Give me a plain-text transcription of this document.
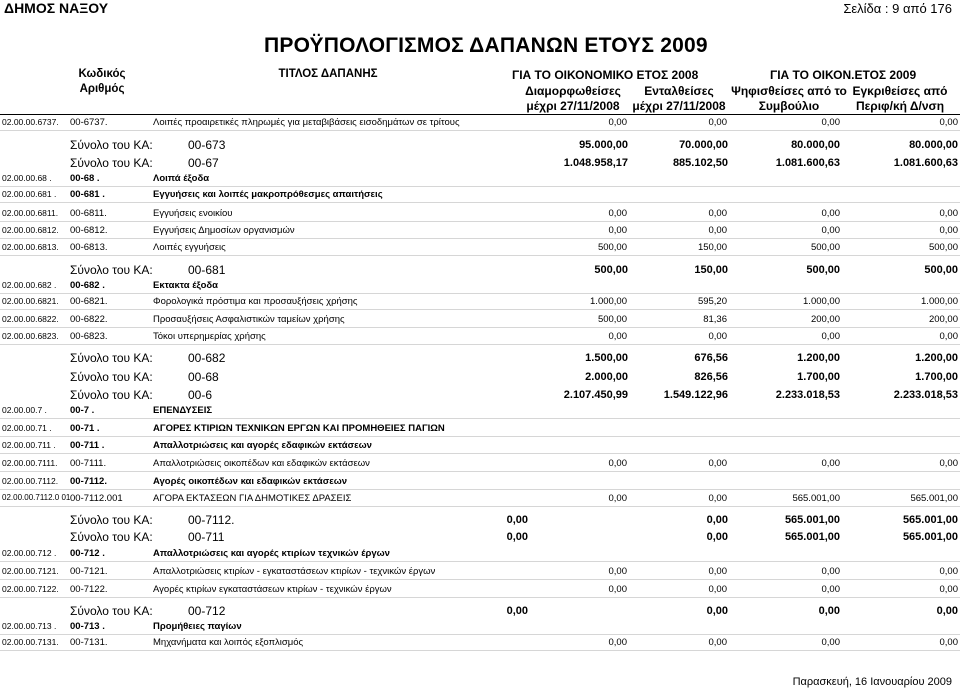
ΔΗΜΟΣ ΝΑΞΟΥ	Σελίδα : 9 από 176
ΠΡΟΫΠΟΛΟΓΙΣΜΟΣ ΔΑΠΑΝΩΝ ΕΤΟΥΣ 2009
Κωδικός
Αριθμός
ΤΙΤΛΟΣ ΔΑΠΑΝΗΣ	ΓΙΑ ΤΟ ΟΙΚΟΝΟΜΙΚΟ ΕΤΟΣ 2008	ΓΙΑ ΤΟ ΟΙΚΟΝ.ΕΤΟΣ 2009
Διαμορφωθείσες
μέχρι 27/11/2008
Ενταλθείσες
μέχρι 27/11/2008
Ψηφισθείσες από το
Συμβούλιο
Εγκριθείσες από
Περιφ/κή Δ/νση
02.00.00.6737. 00-6737.	Λοιπές προαιρετικές πληρωμές για μεταβιβάσεις εισοδημάτων σε τρίτους	0,00	0,00	0,00	0,00
Σύνολο του ΚΑ:	00-673	95.000,00	70.000,00	80.000,00	80.000,00
Σύνολο του ΚΑ:	00-67	1.048.958,17	885.102,50	1.081.600,63	1.081.600,63
02.00.00.68 . 00-68 .	Λοιπά έξοδα
02.00.00.681 . 00-681 .	Εγγυήσεις και λοιπές μακροπρόθεσμες απαιτήσεις
02.00.00.6811. 00-6811.	Εγγυήσεις ενοικίου	0,00	0,00	0,00	0,00
02.00.00.6812. 00-6812.	Εγγυήσεις Δημοσίων οργανισμών	0,00	0,00	0,00	0,00
02.00.00.6813. 00-6813.	Λοιπές εγγυήσεις	500,00	150,00	500,00	500,00
Σύνολο του ΚΑ:	00-681	500,00	150,00	500,00	500,00
02.00.00.682 . 00-682 .	Εκτακτα έξοδα
02.00.00.6821. 00-6821.	Φορολογικά πρόστιμα και προσαυξήσεις χρήσης	1.000,00	595,20	1.000,00	1.000,00
02.00.00.6822. 00-6822.	Προσαυξήσεις Ασφαλιστικών ταμείων χρήσης	500,00	81,36	200,00	200,00
02.00.00.6823. 00-6823.	Τόκοι υπερημερίας χρήσης	0,00	0,00	0,00	0,00
Σύνολο του ΚΑ:	00-682	1.500,00	676,56	1.200,00	1.200,00
Σύνολο του ΚΑ:	00-68	2.000,00	826,56	1.700,00	1.700,00
Σύνολο του ΚΑ:	00-6	2.107.450,99	1.549.122,96	2.233.018,53	2.233.018,53
02.00.00.7 . 00-7 .	ΕΠΕΝΔΥΣΕΙΣ
02.00.00.71 . 00-71 .	ΑΓΟΡΕΣ ΚΤΙΡΙΩΝ ΤΕΧΝΙΚΩΝ ΕΡΓΩΝ ΚΑΙ ΠΡΟΜΗΘΕΙΕΣ ΠΑΓΙΩΝ
02.00.00.711 . 00-711 .	Απαλλοτριώσεις και αγορές εδαφικών εκτάσεων
02.00.00.7111. 00-7111.	Απαλλοτριώσεις οικοπέδων και εδαφικών εκτάσεων	0,00	0,00	0,00	0,00
02.00.00.7112. 00-7112.	Αγορές οικοπέδων και εδαφικών εκτάσεων
02.00.00.7112.0 01 00-7112.001	ΑΓΟΡΑ ΕΚΤΑΣΕΩΝ ΓΙΑ ΔΗΜΟΤΙΚΕΣ ΔΡΑΣΕΙΣ	0,00	0,00	565.001,00	565.001,00
Σύνολο του ΚΑ:	00-7112.	0,00	0,00	565.001,00	565.001,00
Σύνολο του ΚΑ:	00-711	0,00	0,00	565.001,00	565.001,00
02.00.00.712 . 00-712 .	Απαλλοτριώσεις και αγορές κτιρίων τεχνικών έργων
02.00.00.7121. 00-7121.	Απαλλοτριώσεις κτιρίων - εγκαταστάσεων κτιρίων - τεχνικών έργων	0,00	0,00	0,00	0,00
02.00.00.7122. 00-7122.	Αγορές κτιρίων εγκαταστάσεων κτιρίων - τεχνικών έργων	0,00	0,00	0,00	0,00
Σύνολο του ΚΑ:	00-712	0,00	0,00	0,00	0,00
02.00.00.713 . 00-713 .	Προμήθειες παγίων
02.00.00.7131. 00-7131.	Μηχανήματα και λοιπός εξοπλισμός	0,00	0,00	0,00	0,00
Παρασκευή, 16 Ιανουαρίου 2009
